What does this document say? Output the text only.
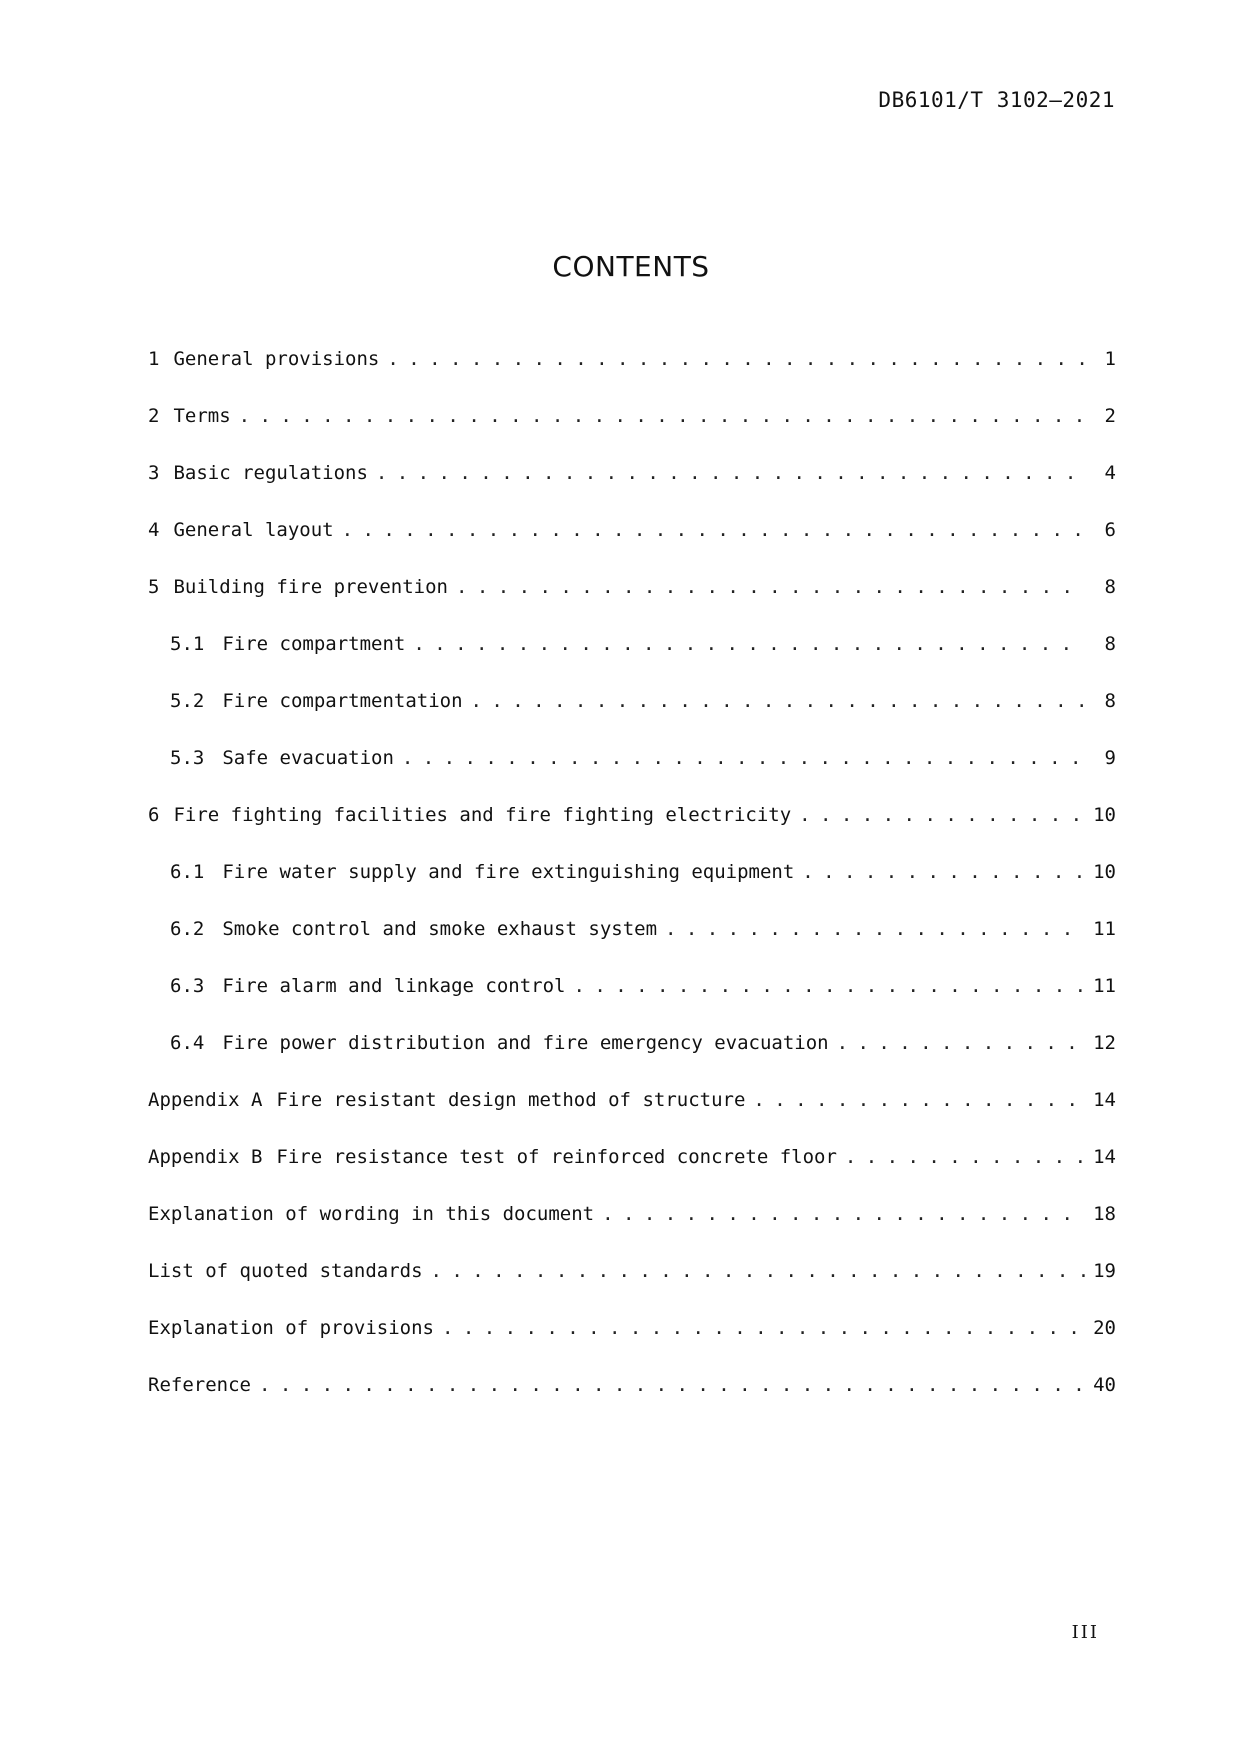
DB6101/T 3102—2021
CONTENTS
1 General provisions . . .	1
2 Terms . . .	2
3 Basic regulations . . .	4
4 General layout . . .	6
5 Building fire prevention . . .	8
5.1 Fire compartment . . .	8
5.2 Fire compartmentation . . .	8
5.3 Safe evacuation . . .	9
6 Fire fighting facilities and fire fighting electricity . . .	10
6.1 Fire water supply and fire extinguishing equipment . . .	10
6.2 Smoke control and smoke exhaust system . . .	11
6.3 Fire alarm and linkage control . . .	11
6.4 Fire power distribution and fire emergency evacuation . . .	12
Appendix A Fire resistant design method of structure . . .	14
Appendix B Fire resistance test of reinforced concrete floor . . .	14
Explanation of wording in this document . . .	18
List of quoted standards . . .	19
Explanation of provisions . . .	20
Reference . . .	40
III
